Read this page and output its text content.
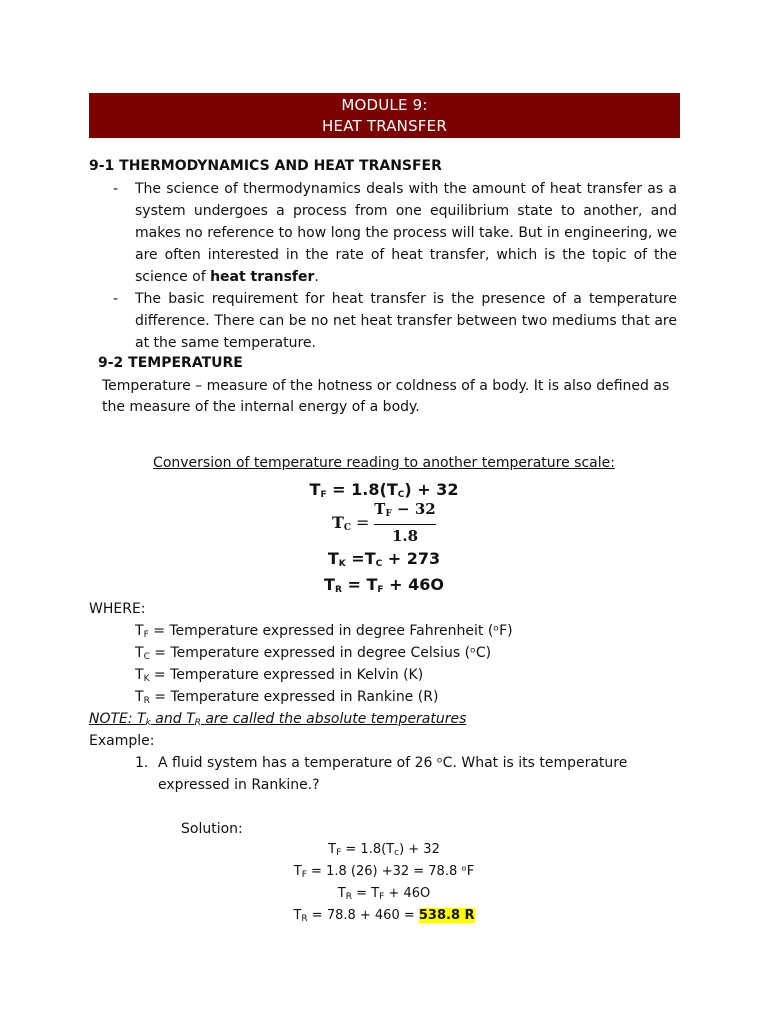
MODULE 9:
HEAT TRANSFER
9-1 THERMODYNAMICS AND HEAT TRANSFER
- The science of thermodynamics deals with the amount of heat transfer as a system undergoes a process from one equilibrium state to another, and makes no reference to how long the process will take. But in engineering, we are often interested in the rate of heat transfer, which is the topic of the science of heat transfer.
- The basic requirement for heat transfer is the presence of a temperature difference. There can be no net heat transfer between two mediums that are at the same temperature.
9-2 TEMPERATURE
Temperature – measure of the hotness or coldness of a body. It is also defined as the measure of the internal energy of a body.
Conversion of temperature reading to another temperature scale:
$T_F = 1.8(T_C) + 32$
$T_C$ =
$T_F - 32$
1.8
$T_K =T_C + 273$
$T_R = T_F + 46O$
WHERE:
$T_F$ = Temperature expressed in degree Fahrenheit (ᵒF)
$T_C$ = Temperature expressed in degree Celsius (ᵒC)
$T_K$ = Temperature expressed in Kelvin (K)
$T_R$ = Temperature expressed in Rankine (R)
NOTE: $T_k$ and $T_R$ are called the absolute temperatures
Example:
1. A fluid system has a temperature of 26 ᵒC. What is its temperature
expressed in Rankine.?
Solution:
$T_F = 1.8(T_c) + 32$
$T_F = 1.8$ (26) +32 = 78.8 ᵒF
$T_R = T_F + 46O$
$T_R = 78.8 + 460 = 538.8$ R
